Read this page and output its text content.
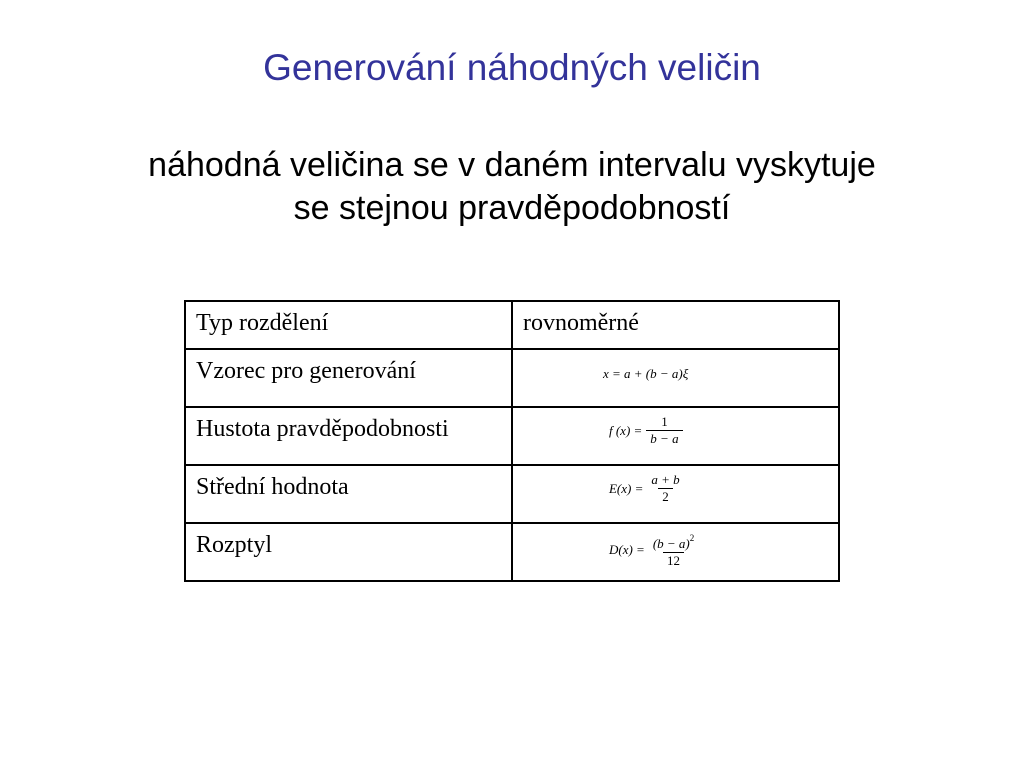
Generování náhodných veličin
náhodná veličina se v daném intervalu vyskytuje
se stejnou pravděpodobností
Typ rozdělení	rovnoměrné
Vzorec pro generování	x = a + (b − a)ξ
Hustota pravděpodobnosti	f $(x) = \frac{1}{b - a}$

Střední hodnota	$E(x) = \frac{a + b}{2}$

Rozptyl	$D(x) = \frac{(b - a)^2}{12}$
